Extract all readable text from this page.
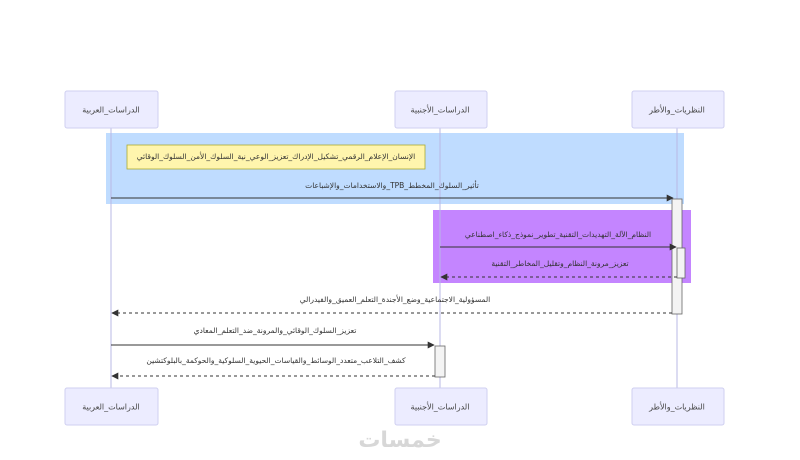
الدراسات_العربية	الدراسات_الأجنبية	النظريات_والأطر
الإنسان_الإعلام_الرقمي_تشكيل_الإدراك_تعزيز_الوعي_نية_السلوك_الأمن_السلوك_الوقائي
والاستخدامات_والإشباعات_TPB_تأثير_السلوك_المخطط
النظام_الآلة_التهديدات_التقنية_تطوير_نموذج_ذكاء_اصطناعي
تعزيز_مرونة_النظام_وتقليل_المخاطر_التقنية
المسؤولية_الاجتماعية_وضع_الأجندة_التعلم_العميق_والفيدرالي
تعزيز_السلوك_الوقائي_والمرونة_ضد_التعلم_المعادي
كشف_التلاعب_متعدد_الوسائط_والقياسات_الحيوية_السلوكية_والحوكمة_بالبلوكتشين
الدراسات_العربية	الدراسات_الأجنبية	النظريات_والأطر
خمسات
